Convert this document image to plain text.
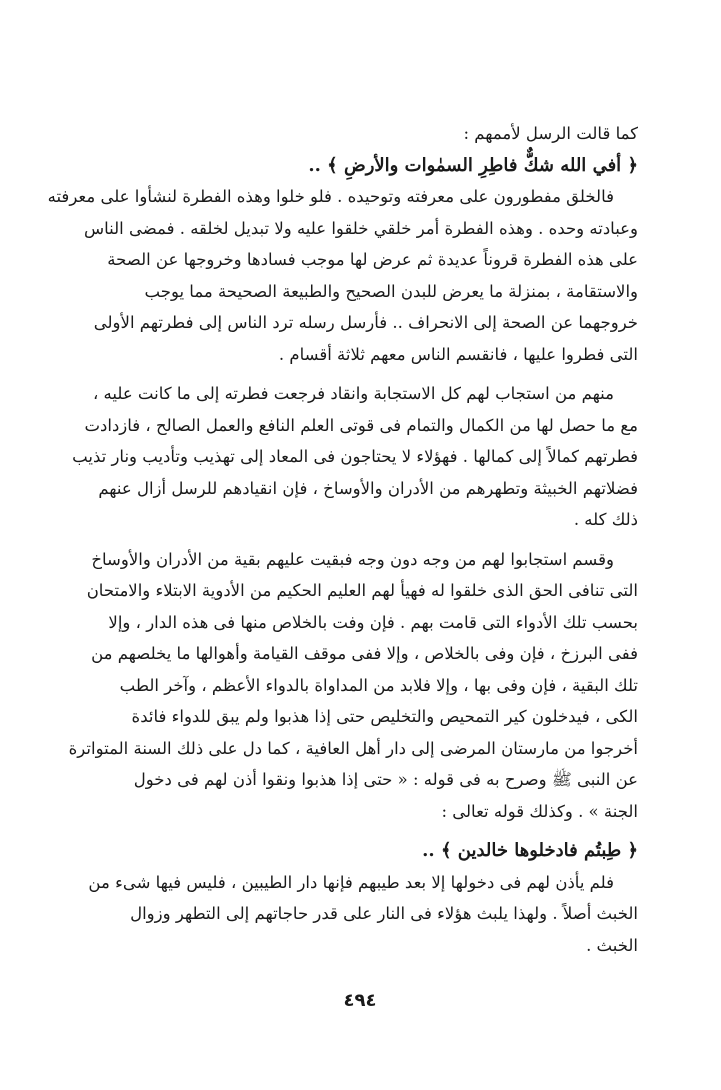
كما قالت الرسل لأممهم :
﴿ أفي الله شكٌّ فاطِرِ السمٰوات والأرضِ ﴾ ..
فالخلق مفطورون على معرفته وتوحيده . فلو خلوا وهذه الفطرة لنشأوا على معرفته
وعبادته وحده . وهذه الفطرة أمر خلقي خلقوا عليه ولا تبديل لخلقه . فمضى الناس
على هذه الفطرة قروناً عديدة ثم عرض لها موجب فسادها وخروجها عن الصحة
والاستقامة ، بمنزلة ما يعرض للبدن الصحيح والطبيعة الصحيحة مما يوجب
خروجهما عن الصحة إلى الانحراف .. فأرسل رسله ترد الناس إلى فطرتهم الأولى
التى فطروا عليها ، فانقسم الناس معهم ثلاثة أقسام .
منهم من استجاب لهم كل الاستجابة وانقاد فرجعت فطرته إلى ما كانت عليه ،
مع ما حصل لها من الكمال والتمام فى قوتى العلم النافع والعمل الصالح ، فازدادت
فطرتهم كمالاً إلى كمالها . فهؤلاء لا يحتاجون فى المعاد إلى تهذيب وتأديب ونار تذيب
فضلاتهم الخبيثة وتطهرهم من الأدران والأوساخ ، فإن انقيادهم للرسل أزال عنهم
ذلك كله .
وقسم استجابوا لهم من وجه دون وجه فبقيت عليهم بقية من الأدران والأوساخ
التى تنافى الحق الذى خلقوا له فهيأ لهم العليم الحكيم من الأدوية الابتلاء والامتحان
بحسب تلك الأدواء التى قامت بهم . فإن وفت بالخلاص منها فى هذه الدار ، وإلا
ففى البرزخ ، فإن وفى بالخلاص ، وإلا ففى موقف القيامة وأهوالها ما يخلصهم من
تلك البقية ، فإن وفى بها ، وإلا فلابد من المداواة بالدواء الأعظم ، وآخر الطب
الكى ، فيدخلون كير التمحيص والتخليص حتى إذا هذبوا ولم يبق للدواء فائدة
أخرجوا من مارستان المرضى إلى دار أهل العافية ، كما دل على ذلك السنة المتواترة
عن النبى ﷺ وصرح به فى قوله : « حتى إذا هذبوا ونقوا أذن لهم فى دخول
الجنة » . وكذلك قوله تعالى :
﴿ طِبتُم فادخلوها خالدين ﴾ ..
فلم يأذن لهم فى دخولها إلا بعد طيبهم فإنها دار الطيبين ، فليس فيها شىء من
الخبث أصلاً . ولهذا يلبث هؤلاء فى النار على قدر حاجاتهم إلى التطهر وزوال
الخبث .
٤٩٤
